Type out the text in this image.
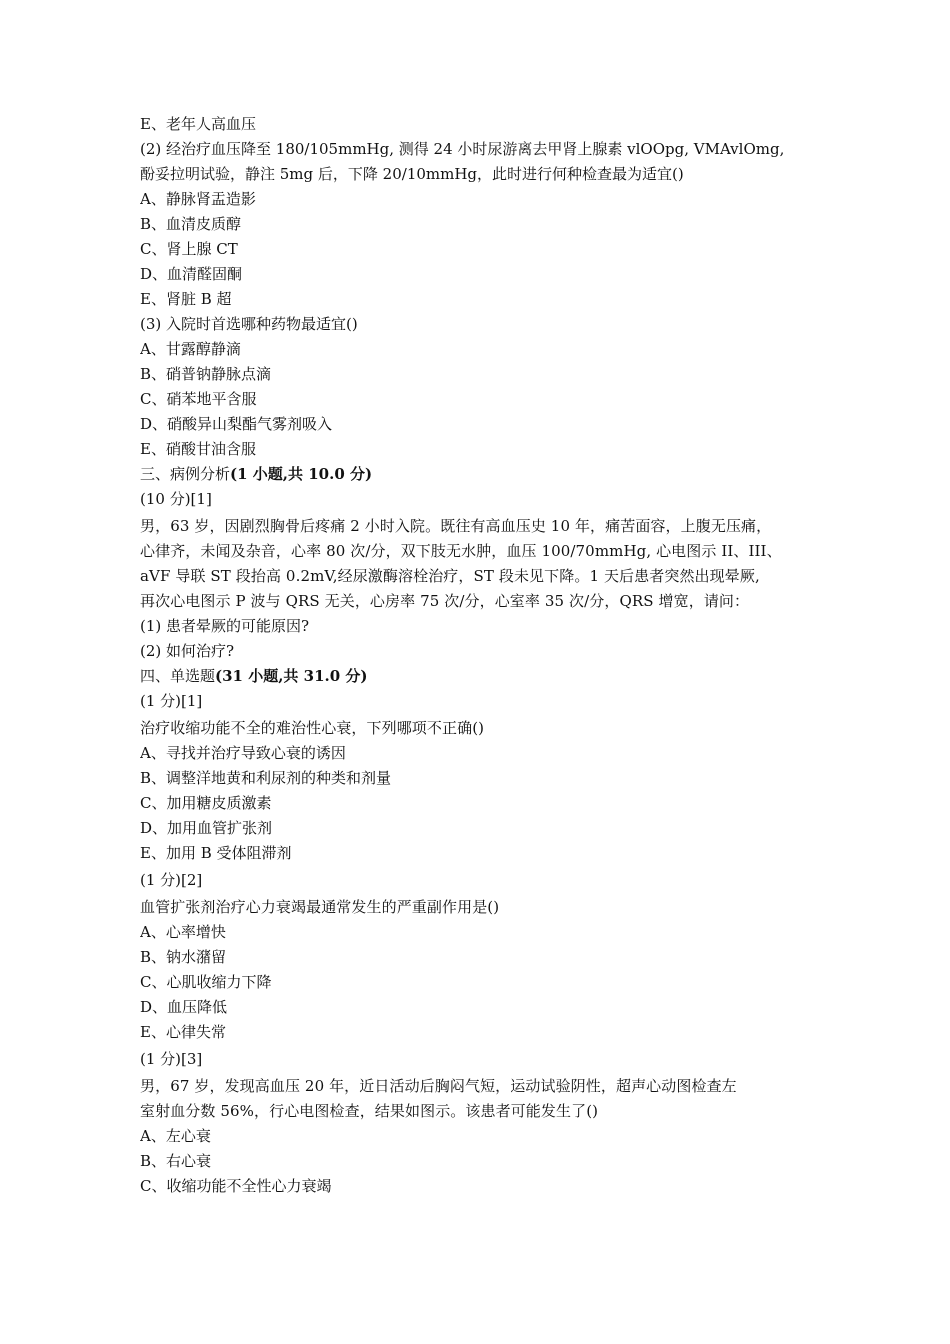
E、老年人高血压
(2) 经治疗血压降至 180/105mmHg, 测得 24 小时尿游离去甲肾上腺素 vlOOpg, VMAvlOmg,
酚妥拉明试验，静注 5mg 后，下降 20/10mmHg，此时进行何种检查最为适宜()
A、静脉肾盂造影
B、血清皮质醇
C、肾上腺 CT
D、血清醛固酮
E、肾脏 B 超
(3) 入院时首选哪种药物最适宜()
A、甘露醇静滴
B、硝普钠静脉点滴
C、硝苯地平含服
D、硝酸异山梨酯气雾剂吸入
E、硝酸甘油含服
三、病例分析(1 小题,共 10.0 分)
(10 分)[1]
男，63 岁，因剧烈胸骨后疼痛 2 小时入院。既往有高血压史 10 年，痛苦面容，上腹无压痛，
心律齐，未闻及杂音，心率 80 次/分，双下肢无水肿，血压 100/70mmHg, 心电图示 II、III、
aVF 导联 ST 段抬高 0.2mV,经尿激酶溶栓治疗，ST 段未见下降。1 天后患者突然出现晕厥,
再次心电图示 P 波与 QRS 无关，心房率 75 次/分，心室率 35 次/分，QRS 增宽，请问：
(1) 患者晕厥的可能原因?
(2) 如何治疗?
四、单选题(31 小题,共 31.0 分)
(1 分)[1]
治疗收缩功能不全的难治性心衰，下列哪项不正确()
A、寻找并治疗导致心衰的诱因
B、调整洋地黄和利尿剂的种类和剂量
C、加用糖皮质激素
D、加用血管扩张剂
E、加用 B 受体阻滞剂
(1 分)[2]
血管扩张剂治疗心力衰竭最通常发生的严重副作用是()
A、心率增快
B、钠水潴留
C、心肌收缩力下降
D、血压降低
E、心律失常
(1 分)[3]
男，67 岁，发现高血压 20 年，近日活动后胸闷气短，运动试验阴性，超声心动图检查左
室射血分数 56%，行心电图检查，结果如图示。该患者可能发生了()
A、左心衰
B、右心衰
C、收缩功能不全性心力衰竭
